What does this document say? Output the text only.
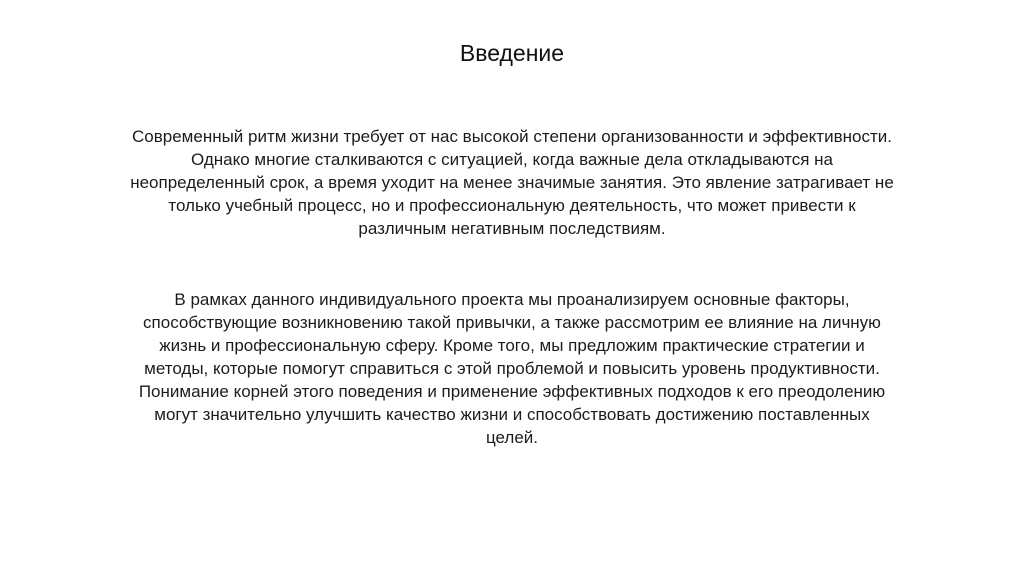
Введение
Современный ритм жизни требует от нас высокой степени организованности и эффективности.
Однако многие сталкиваются с ситуацией, когда важные дела откладываются на
неопределенный срок, а время уходит на менее значимые занятия. Это явление затрагивает не
только учебный процесс, но и профессиональную деятельность, что может привести к
различным негативным последствиям.
В рамках данного индивидуального проекта мы проанализируем основные факторы,
способствующие возникновению такой привычки, а также рассмотрим ее влияние на личную
жизнь и профессиональную сферу. Кроме того, мы предложим практические стратегии и
методы, которые помогут справиться с этой проблемой и повысить уровень продуктивности.
Понимание корней этого поведения и применение эффективных подходов к его преодолению
могут значительно улучшить качество жизни и способствовать достижению поставленных
целей.
